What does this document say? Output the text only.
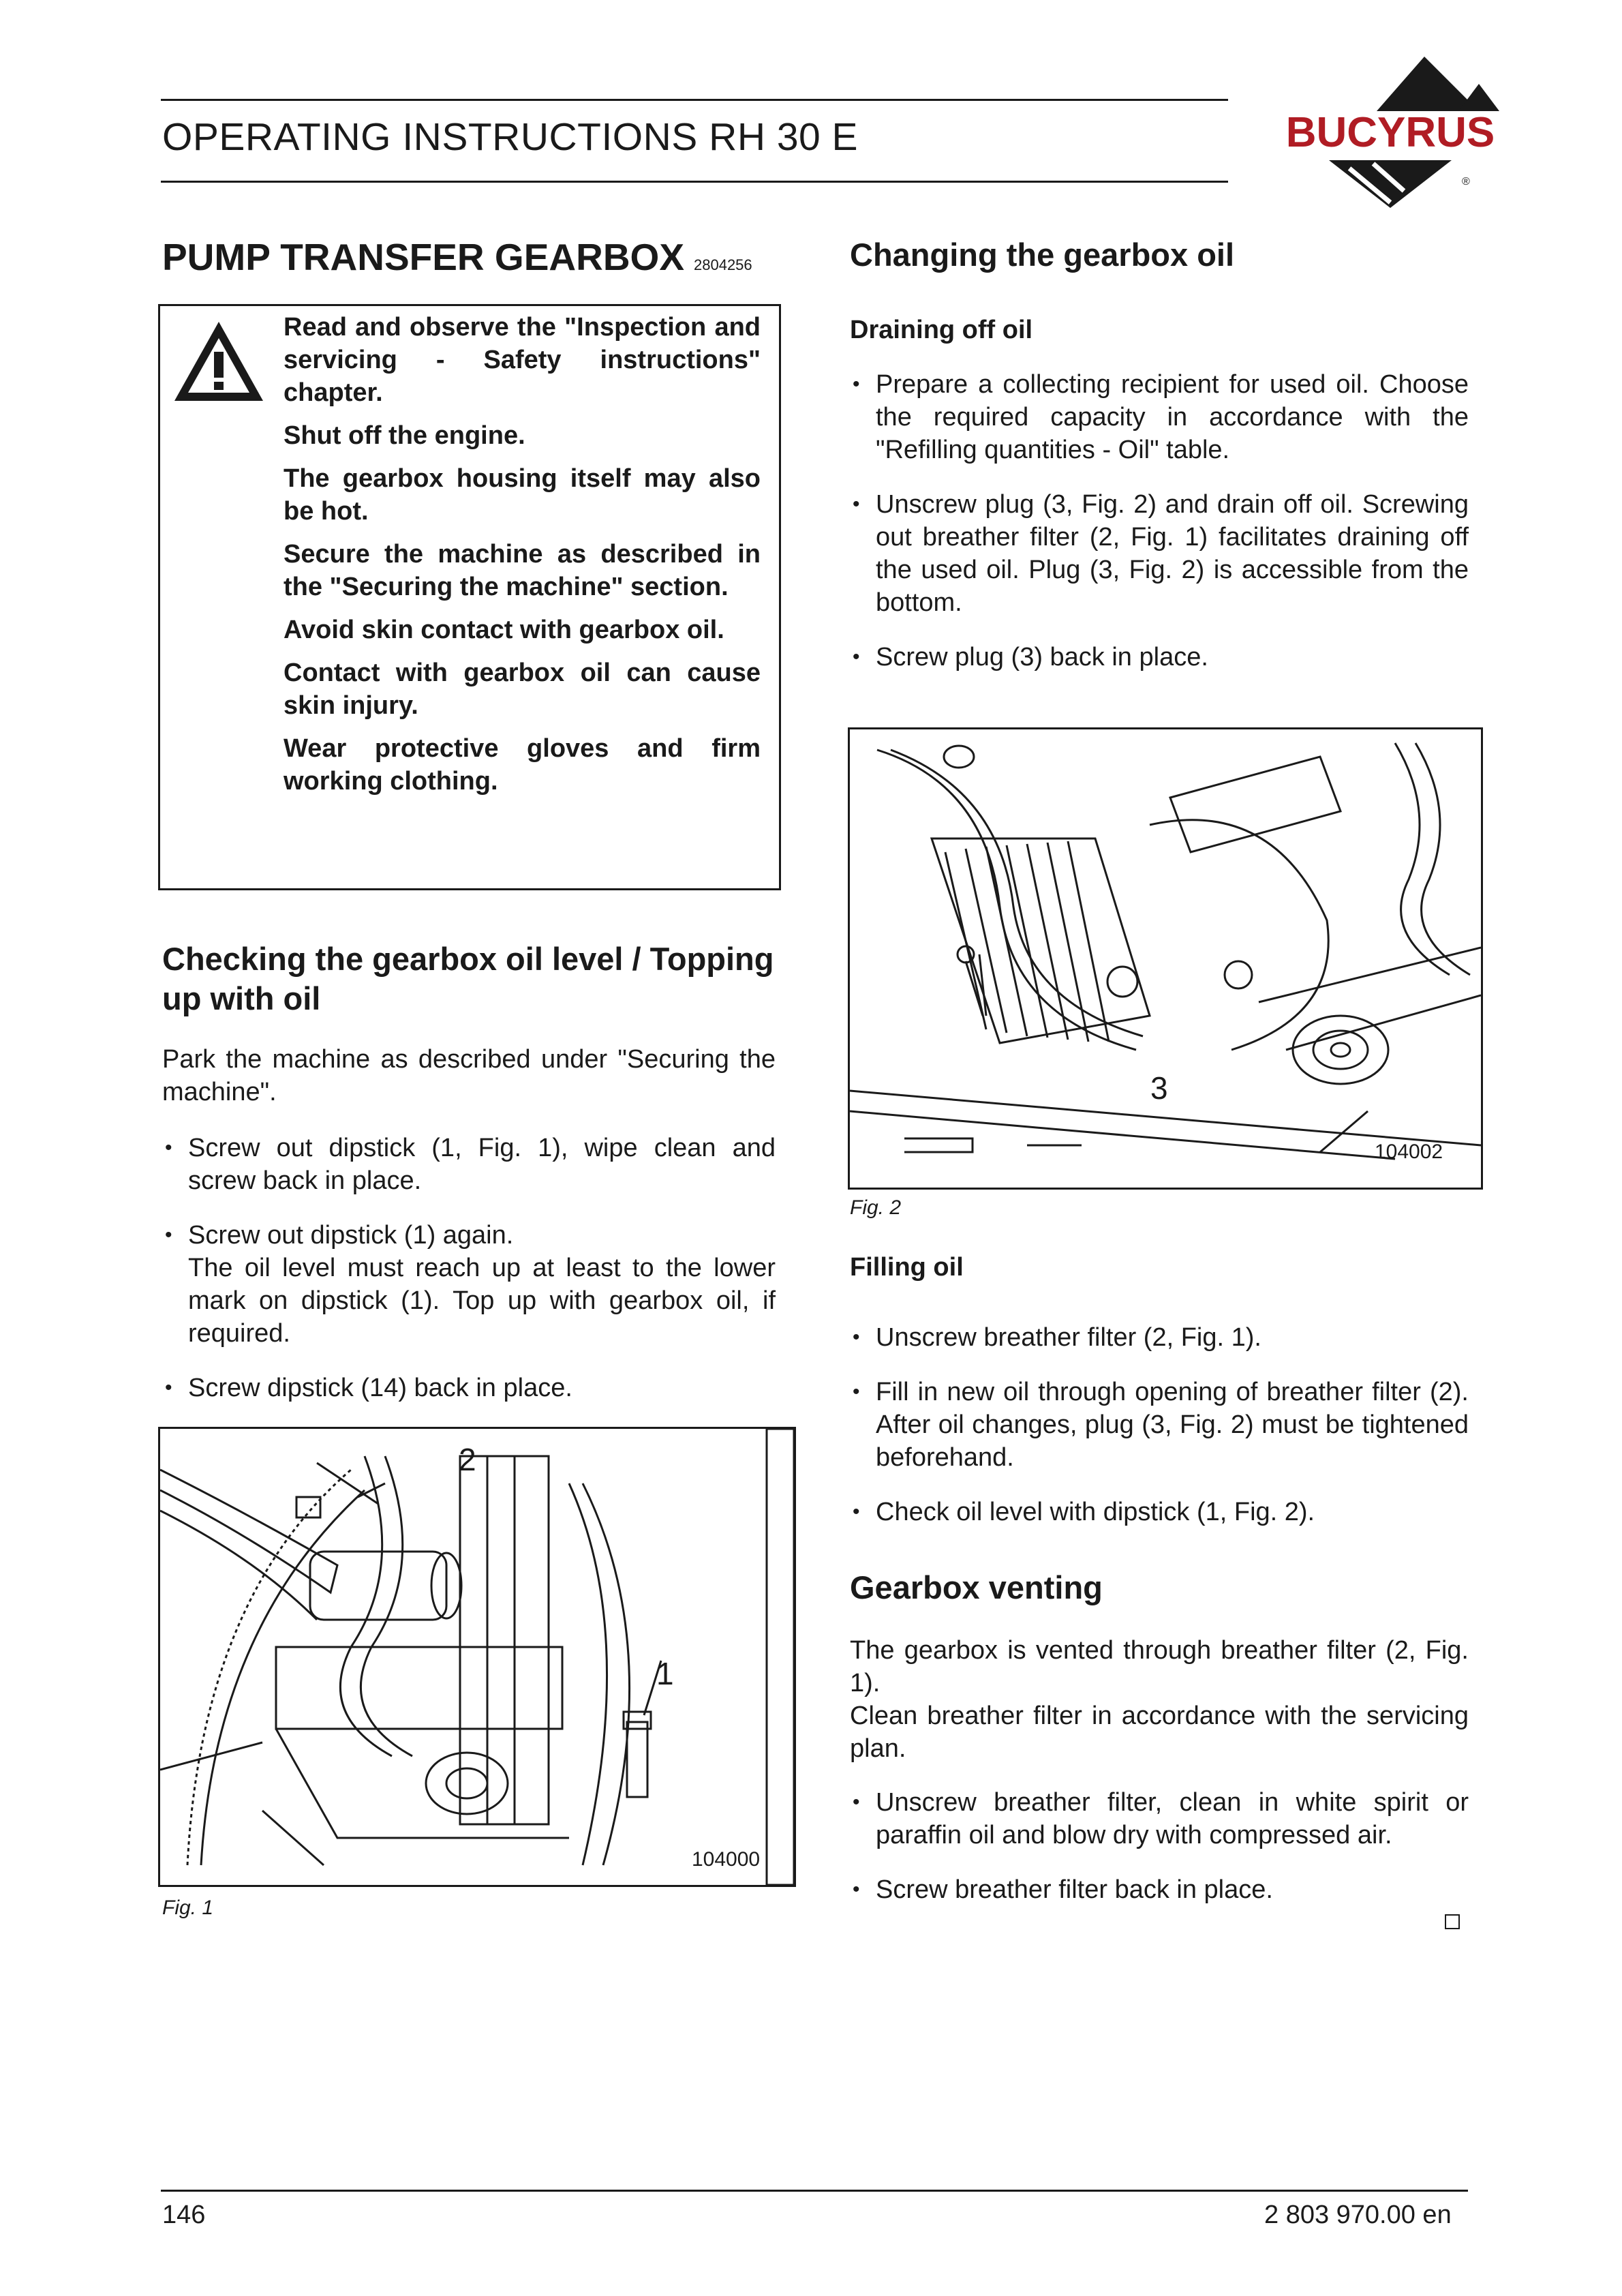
OPERATING INSTRUCTIONS RH 30 E	BUCYRUS
®
PUMP TRANSFER GEARBOX 2804256
Read and observe the "Inspection and servicing - Safety instructions" chapter.
Shut off the engine.
The gearbox housing itself may also be hot.
Secure the machine as described in the "Securing the machine" section.
Avoid skin contact with gearbox oil.
Contact with gearbox oil can cause skin injury.
Wear protective gloves and firm working clothing.
Checking the gearbox oil level / Topping up with oil

Park the machine as described under "Securing the machine".

• Screw out dipstick (1, Fig. 1), wipe clean and screw back in place.
• Screw out dipstick (1) again.
The oil level must reach up at least to the lower mark on dipstick (1). Top up with gearbox oil, if required.
• Screw dipstick (14) back in place.
2
1
104000
Fig. 1
Changing the gearbox oil
Draining off oil
• Prepare a collecting recipient for used oil. Choose the required capacity in accordance with the "Refilling quantities - Oil" table.
• Unscrew plug (3, Fig. 2) and drain off oil. Screwing out breather filter (2, Fig. 1) facilitates draining off the used oil. Plug (3, Fig. 2) is accessible from the bottom.
• Screw plug (3) back in place.
3
104002
Fig. 2
Filling oil
• Unscrew breather filter (2, Fig. 1).
• Fill in new oil through opening of breather filter (2). After oil changes, plug (3, Fig. 2) must be tightened beforehand.
• Check oil level with dipstick (1, Fig. 2).
Gearbox venting

The gearbox is vented through breather filter (2, Fig. 1).

Clean breather filter in accordance with the servicing plan.

• Unscrew breather filter, clean in white spirit or paraffin oil and blow dry with compressed air.
• Screw breather filter back in place.
146	2 803 970.00 en
